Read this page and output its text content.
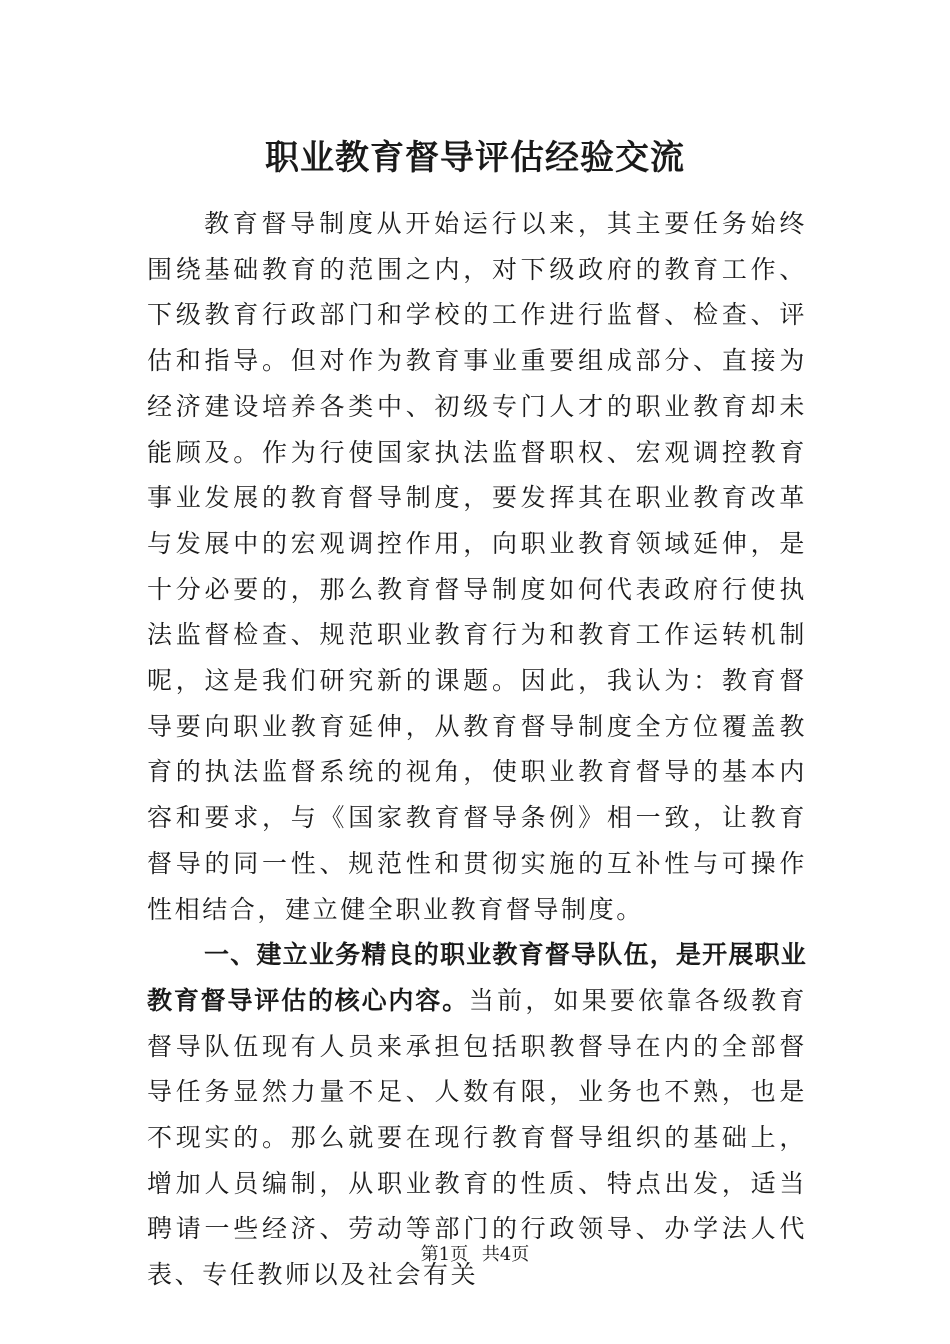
职业教育督导评估经验交流

教育督导制度从开始运行以来，其主要任务始终围绕基础教育的范围之内，对下级政府的教育工作、下级教育行政部门和学校的工作进行监督、检查、评估和指导。但对作为教育事业重要组成部分、直接为经济建设培养各类中、初级专门人才的职业教育却未能顾及。作为行使国家执法监督职权、宏观调控教育事业发展的教育督导制度，要发挥其在职业教育改革与发展中的宏观调控作用，向职业教育领域延伸，是十分必要的，那么教育督导制度如何代表政府行使执法监督检查、规范职业教育行为和教育工作运转机制呢，这是我们研究新的课题。因此，我认为：教育督导要向职业教育延伸，从教育督导制度全方位覆盖教育的执法监督系统的视角，使职业教育督导的基本内容和要求，与《国家教育督导条例》相一致，让教育督导的同一性、规范性和贯彻实施的互补性与可操作性相结合，建立健全职业教育督导制度。

一、建立业务精良的职业教育督导队伍，是开展职业教育督导评估的核心内容。当前，如果要依靠各级教育督导队伍现有人员来承担包括职教督导在内的全部督导任务显然力量不足、人数有限，业务也不熟，也是不现实的。那么就要在现行教育督导组织的基础上，增加人员编制，从职业教育的性质、特点出发，适当聘请一些经济、劳动等部门的行政领导、办学法人代表、专任教师以及社会有关

第1页 共4页
